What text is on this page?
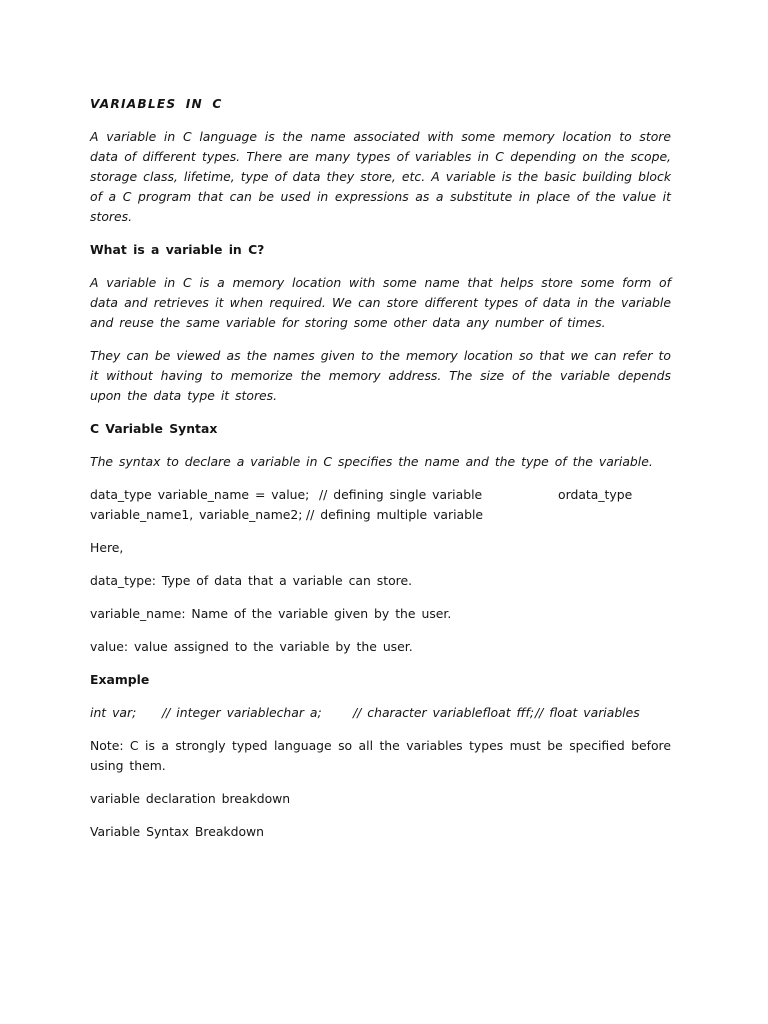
VARIABLES IN C

A variable in C language is the name associated with some memory location to store data of different types. There are many types of variables in C depending on the scope, storage class, lifetime, type of data they store, etc. A variable is the basic building block of a C program that can be used in expressions as a substitute in place of the value it stores.

What is a variable in C?

A variable in C is a memory location with some name that helps store some form of data and retrieves it when required. We can store different types of data in the variable and reuse the same variable for storing some other data any number of times.

They can be viewed as the names given to the memory location so that we can refer to it without having to memorize the memory address. The size of the variable depends upon the data type it stores.

C Variable Syntax

The syntax to declare a variable in C specifies the name and the type of the variable.

data_type variable_name = value; // defining single variable	ordata_type

variable_name1, variable_name2; // defining multiple variable

Here,

data_type: Type of data that a variable can store.

variable_name: Name of the variable given by the user.

value: value assigned to the variable by the user.

Example

int var;	// integer variablechar a;	// character variablefloat fff; // float variables

Note: C is a strongly typed language so all the variables types must be specified before using them.

variable declaration breakdown

Variable Syntax Breakdown
